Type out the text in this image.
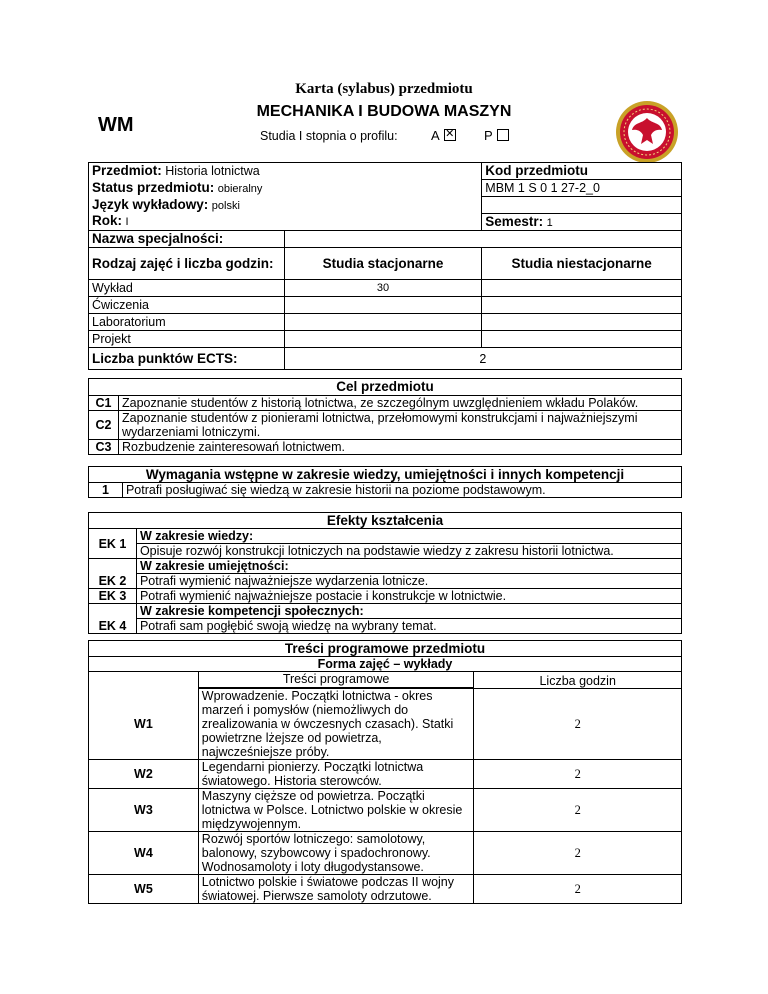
WM
Karta (sylabus) przedmiotu
MECHANIKA I BUDOWA MASZYN
Studia I stopnia o profilu:	A ✕ P
Przedmiot: Historia lotnictwa		Kod przedmiotu
Status przedmiotu: obieralny		MBM 1 S 0 1 27-2_0
Język wykładowy: polski		
Rok: I		Semestr: 1
Nazwa specjalności:		
Rodzaj zajęć i liczba godzin:	Studia stacjonarne	Studia niestacjonarne
Wykład	30	
Ćwiczenia		
Laboratorium		
Projekt		
Liczba punktów ECTS:	2	
Cel przedmiotu	
C1	Zapoznanie studentów z historią lotnictwa, ze szczególnym uwzględnieniem wkładu Polaków.
C2	Zapoznanie studentów z pionierami lotnictwa, przełomowymi konstrukcjami i najważniejszymi wydarzeniami lotniczymi.
C3	Rozbudzenie zainteresowań lotnictwem.
Wymagania wstępne w zakresie wiedzy, umiejętności i innych kompetencji
1	Potrafi posługiwać się wiedzą w zakresie historii na poziome podstawowym.
Efekty kształcenia	
EK 1	W zakresie wiedzy:
	Opisuje rozwój konstrukcji lotniczych na podstawie wiedzy z zakresu historii lotnictwa.
EK 2	W zakresie umiejętności:
	Potrafi wymienić najważniejsze wydarzenia lotnicze.
EK 3	Potrafi wymienić najważniejsze postacie i konstrukcje w lotnictwie.
EK 4	W zakresie kompetencji społecznych:
	Potrafi sam pogłębić swoją wiedzę na wybrany temat.
Treści programowe przedmiotu		
Forma zajęć – wykłady		
	Treści programowe	Liczba godzin

W1	Wprowadzenie. Początki lotnictwa - okres marzeń i pomysłów (niemożliwych do zrealizowania w ówczesnych czasach). Statki powietrzne lżejsze od powietrza, najwcześniejsze próby.	2
W2	Legendarni pionierzy. Początki lotnictwa światowego. Historia sterowców.	2
W3	Maszyny cięższe od powietrza. Początki lotnictwa w Polsce. Lotnictwo polskie w okresie międzywojennym.	2
W4	Rozwój sportów lotniczego: samolotowy, balonowy, szybowcowy i spadochronowy. Wodnosamoloty i loty długodystansowe.	2
W5	Lotnictwo polskie i światowe podczas II wojny światowej. Pierwsze samoloty odrzutowe.	2
